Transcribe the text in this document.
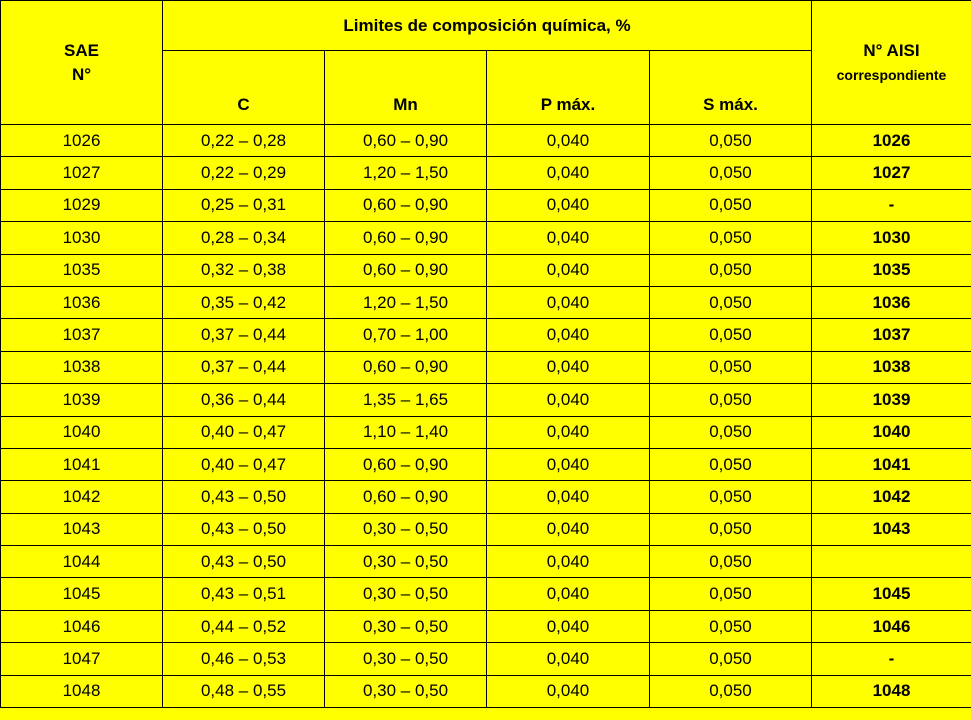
SAE
N°	Limites de composición química, %				N° AISI
correspondiente

	C	Mn	P máx.	S máx.	
1026	0,22 – 0,28	0,60 – 0,90	0,040	0,050	1026
1027	0,22 – 0,29	1,20 – 1,50	0,040	0,050	1027
1029	0,25 – 0,31	0,60 – 0,90	0,040	0,050	-
1030	0,28 – 0,34	0,60 – 0,90	0,040	0,050	1030
1035	0,32 – 0,38	0,60 – 0,90	0,040	0,050	1035
1036	0,35 – 0,42	1,20 – 1,50	0,040	0,050	1036
1037	0,37 – 0,44	0,70 – 1,00	0,040	0,050	1037
1038	0,37 – 0,44	0,60 – 0,90	0,040	0,050	1038
1039	0,36 – 0,44	1,35 – 1,65	0,040	0,050	1039
1040	0,40 – 0,47	1,10 – 1,40	0,040	0,050	1040
1041	0,40 – 0,47	0,60 – 0,90	0,040	0,050	1041
1042	0,43 – 0,50	0,60 – 0,90	0,040	0,050	1042
1043	0,43 – 0,50	0,30 – 0,50	0,040	0,050	1043
1044	0,43 – 0,50	0,30 – 0,50	0,040	0,050	
1045	0,43 – 0,51	0,30 – 0,50	0,040	0,050	1045
1046	0,44 – 0,52	0,30 – 0,50	0,040	0,050	1046
1047	0,46 – 0,53	0,30 – 0,50	0,040	0,050	-
1048	0,48 – 0,55	0,30 – 0,50	0,040	0,050	1048
